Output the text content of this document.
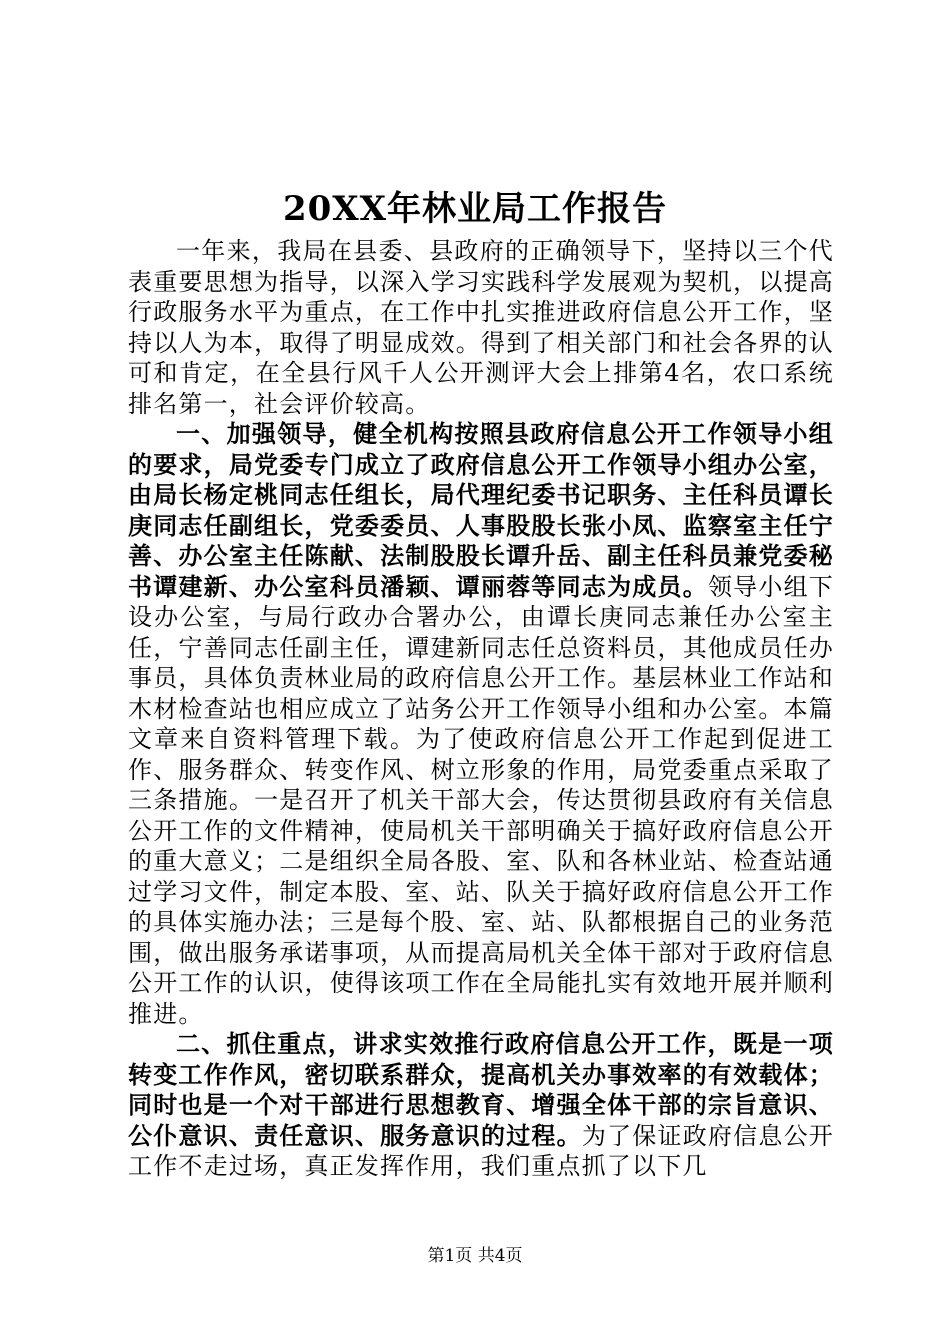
20XX年林业局工作报告

一年来，我局在县委、县政府的正确领导下，坚持以三个代表重要思想为指导，以深入学习实践科学发展观为契机，以提高行政服务水平为重点，在工作中扎实推进政府信息公开工作，坚持以人为本，取得了明显成效。得到了相关部门和社会各界的认可和肯定，在全县行风千人公开测评大会上排第4名，农口系统排名第一，社会评价较高。

一、加强领导，健全机构按照县政府信息公开工作领导小组的要求，局党委专门成立了政府信息公开工作领导小组办公室，由局长杨定桃同志任组长，局代理纪委书记职务、主任科员谭长庚同志任副组长，党委委员、人事股股长张小凤、监察室主任宁善、办公室主任陈献、法制股股长谭升岳、副主任科员兼党委秘书谭建新、办公室科员潘颖、谭丽蓉等同志为成员。领导小组下设办公室，与局行政办合署办公，由谭长庚同志兼任办公室主任，宁善同志任副主任，谭建新同志任总资料员，其他成员任办事员，具体负责林业局的政府信息公开工作。基层林业工作站和木材检查站也相应成立了站务公开工作领导小组和办公室。本篇文章来自资料管理下载。为了使政府信息公开工作起到促进工作、服务群众、转变作风、树立形象的作用，局党委重点采取了三条措施。一是召开了机关干部大会，传达贯彻县政府有关信息公开工作的文件精神，使局机关干部明确关于搞好政府信息公开的重大意义；二是组织全局各股、室、队和各林业站、检查站通过学习文件，制定本股、室、站、队关于搞好政府信息公开工作的具体实施办法；三是每个股、室、站、队都根据自己的业务范围，做出服务承诺事项，从而提高局机关全体干部对于政府信息公开工作的认识，使得该项工作在全局能扎实有效地开展并顺利推进。

二、抓住重点，讲求实效推行政府信息公开工作，既是一项转变工作作风，密切联系群众，提高机关办事效率的有效载体；同时也是一个对干部进行思想教育、增强全体干部的宗旨意识、公仆意识、责任意识、服务意识的过程。为了保证政府信息公开工作不走过场，真正发挥作用，我们重点抓了以下几

第1页 共4页
